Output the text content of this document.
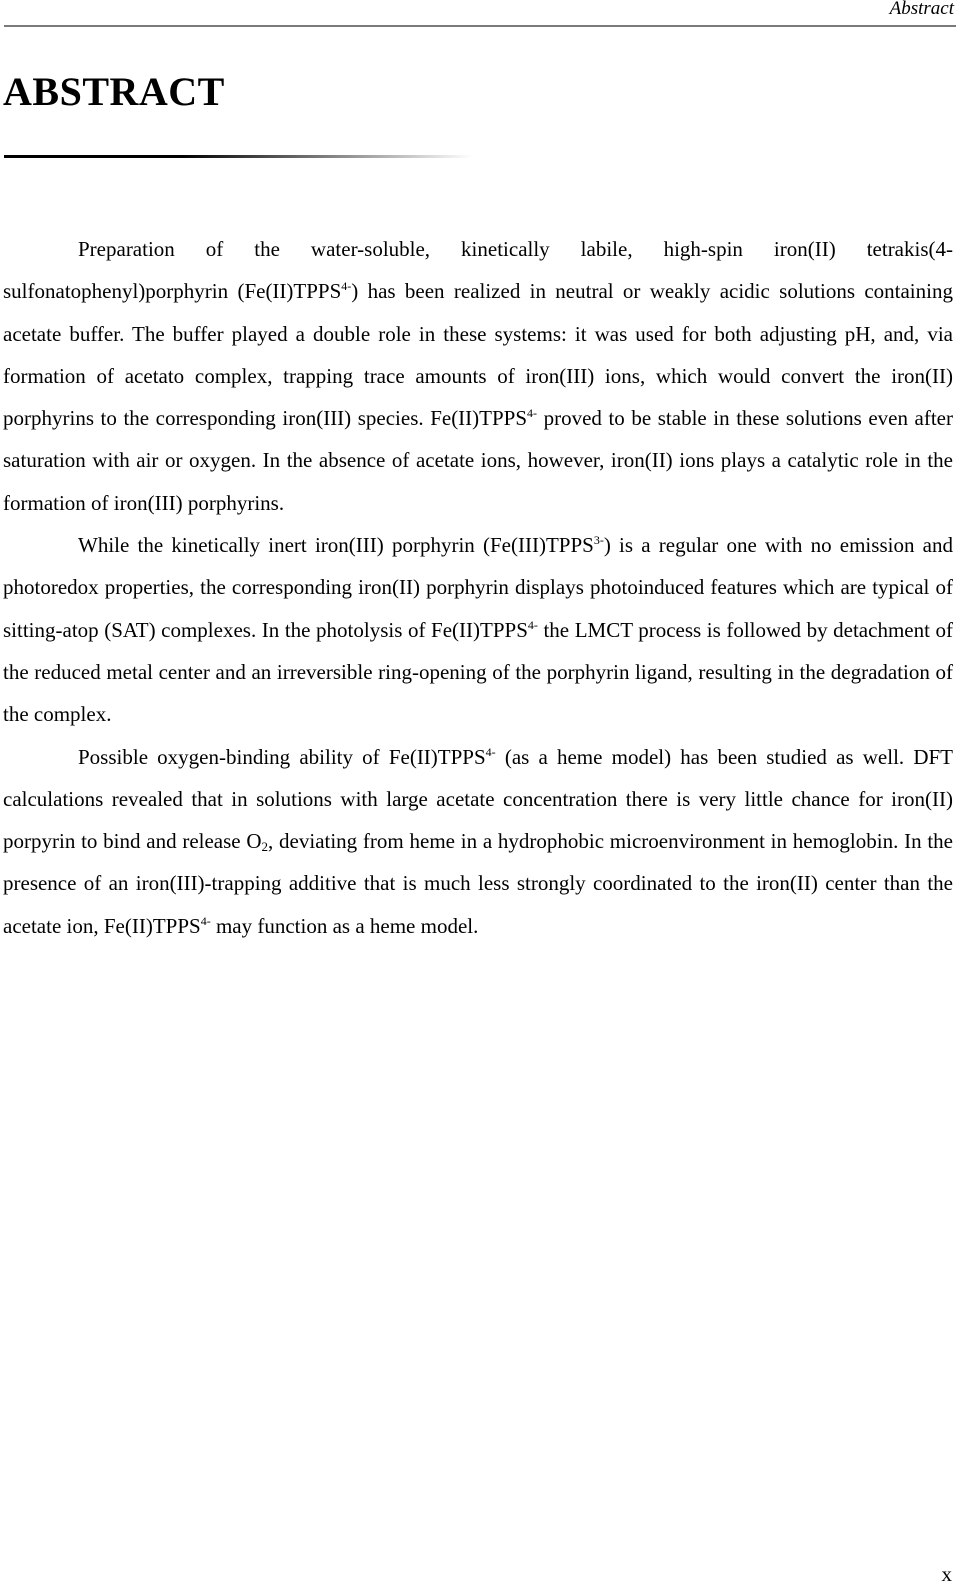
Abstract
ABSTRACT

Preparation of the water-soluble, kinetically labile, high-spin iron(II) tetrakis(4-sulfonatophenyl)porphyrin $(Fe(II)TPPS^{4-})$ has been realized in neutral or weakly acidic solutions containing acetate buffer. The buffer played a double role in these systems: it was used for both adjusting pH, and, via formation of acetato complex, trapping trace amounts of iron(III) ions, which would convert the iron(II) porphyrins to the corresponding iron(III) species. $Fe(II)TPPS^{4-}$ proved to be stable in these solutions even after saturation with air or oxygen. In the absence of acetate ions, however, iron(II) ions plays a catalytic role in the formation of iron(III) porphyrins.

While the kinetically inert iron(III) porphyrin $(Fe(III)TPPS^{3-})$ is a regular one with no emission and photoredox properties, the corresponding iron(II) porphyrin displays photoinduced features which are typical of sitting-atop (SAT) complexes. In the photolysis of $Fe(II)TPPS^{4-}$ the LMCT process is followed by detachment of the reduced metal center and an irreversible ring-opening of the porphyrin ligand, resulting in the degradation of the complex.

Possible oxygen-binding ability of $Fe(II)TPPS^{4-}$ (as a heme model) has been studied as well. DFT calculations revealed that in solutions with large acetate concentration there is very little chance for iron(II) porpyrin to bind and release $O_2$, deviating from heme in a hydrophobic microenvironment in hemoglobin. In the presence of an iron(III)-trapping additive that is much less strongly coordinated to the iron(II) center than the acetate ion, $Fe(II)TPPS^{4-}$ may function as a heme model.

x
